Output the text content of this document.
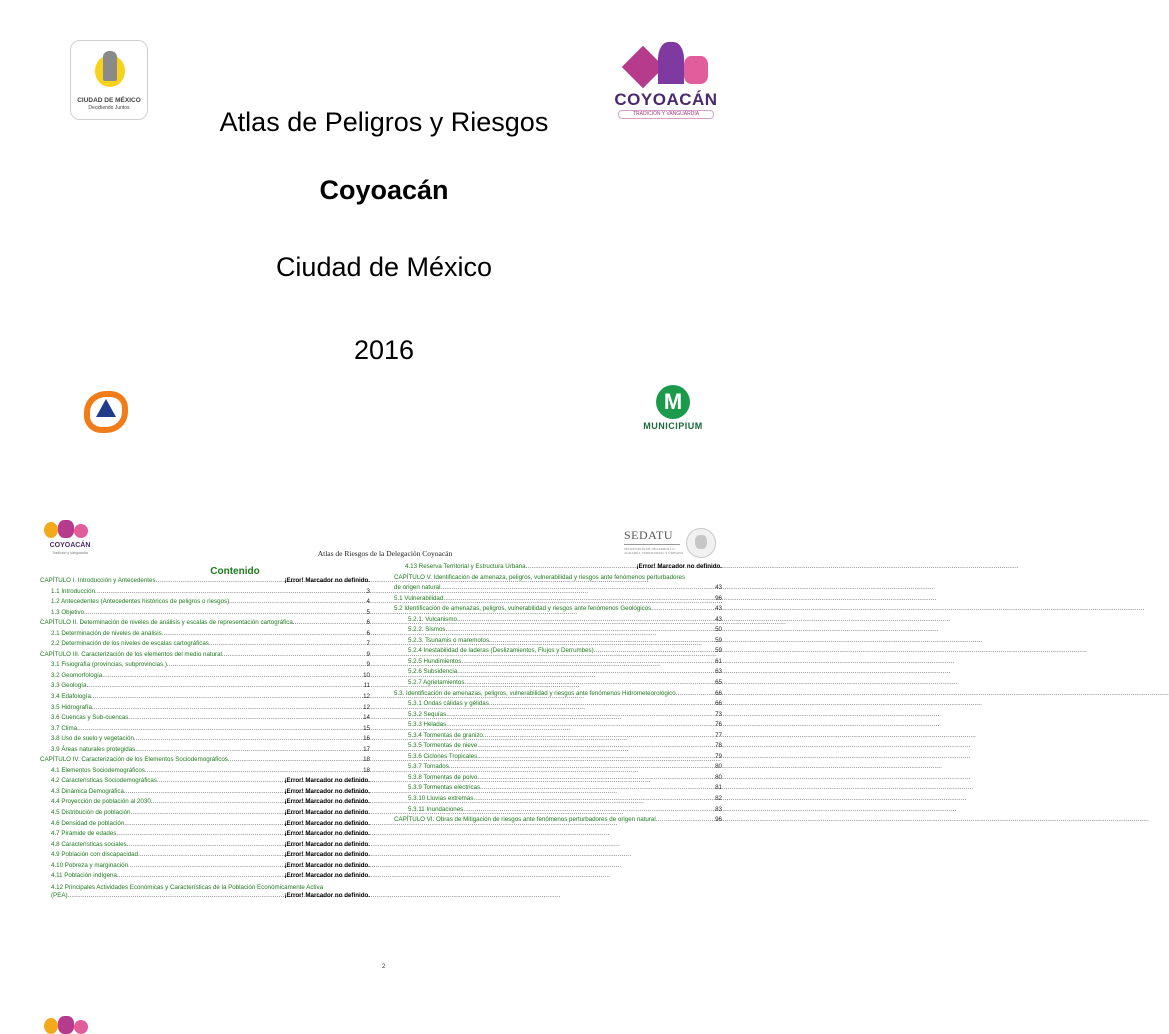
CIUDAD DE MÉXICO
Decidiendo Juntos	COYOACÁN
TRADICIÓN Y VANGUARDIA
Atlas de Peligros y Riesgos
Coyoacán
Ciudad de México
2016
M
MUNICIPIUM
COYOACÁN
Tradición y Vanguardia	Atlas de Riesgos de la Delegación Coyoacán
SEDATU
SECRETARÍA DE DESARROLLO AGRARIO, TERRITORIAL Y URBANO
Contenido
CAPÍTULO I. Introducción y Antecedentes .....	¡Error! Marcador no definido.
1.1 Introducción .....	3
1.2 Antecedentes (Antecedentes históricos de peligros o riesgos) .....	4
1.3 Objetivo .....	5
CAPÍTULO II. Determinación de niveles de análisis y escalas de representación cartográfica .....	6
2.1 Determinación de niveles de análisis. .....	6
2.2 Determinación de los niveles de escalas cartográficas .....	7
CAPÍTULO III. Caracterización de los elementos del medio natural. .....	9
3.1 Fisiografía (provincias, subprovincias.) .....	9
3.2 Geomorfología .....	10
3.3 Geología .....	11
3.4 Edafología .....	12
3.5 Hidrografía .....	12
3.6 Cuencas y Sub-cuencas .....	14
3.7 Clima .....	15
3.8 Uso de suelo y vegetación .....	16
3.9 Áreas naturales protegidas .....	17
CAPÍTULO IV. Caracterización de los Elementos Sociodemográficos .....	18
4.1 Elementos Sociodemográficos .....	18
4.2 Características Sociodemográficas .....	¡Error! Marcador no definido.
4.3 Dinámica Demográfica .....	¡Error! Marcador no definido.
4.4 Proyección de población al 2030 .....	¡Error! Marcador no definido.
4.5 Distribución de población .....	¡Error! Marcador no definido.
4.6 Densidad de población .....	¡Error! Marcador no definido.
4.7 Pirámide de edades .....	¡Error! Marcador no definido.
4.8 Características sociales .....	¡Error! Marcador no definido.
4.9 Población con discapacidad .....	¡Error! Marcador no definido.
4.10 Pobreza y marginación .....	¡Error! Marcador no definido.
4.11 Población indígena .....	¡Error! Marcador no definido.
4.12 Principales Actividades Económicas y Características de la Población Económicamente Activa
(PEA) .....	¡Error! Marcador no definido.
4.13 Reserva Territorial y Estructura Urbana .....	¡Error! Marcador no definido.
CAPÍTULO V. Identificación de amenaza, peligros, vulnerabilidad y riesgos ante fenómenos perturbadores
de origen natural .....	43
5.1 Vulnerabilidad .....	96
5.2 Identificación de amenazas, peligros, vulnerabilidad y riesgos ante fenómenos Geológicos .....	43
5.2.1. Vulcanismo .....	43
5.2.2. Sismos .....	50
5.2.3. Tsunamis o maremotos .....	59
5.2.4 Inestabilidad de laderas (Deslizamientos, Flujos y Derrumbes) .....	59
5.2.5 Hundimientos .....	61
5.2.6 Subsidencia .....	63
5.2.7 Agrietamientos .....	65
5.3. Identificación de amenazas, peligros, vulnerabilidad y riesgos ante fenómenos Hidrometeorológico .....	66
5.3.1 Ondas cálidas y gélidas .....	66
5.3.2 Sequías .....	73
5.3.3 Heladas .....	76
5.3.4 Tormentas de granizo .....	77
5.3.5 Tormentas de nieve .....	78
5.3.6 Ciclones Tropicales .....	79
5.3.7 Tornados .....	80
5.3.8 Tormentas de polvo .....	80
5.3.9 Tormentas eléctricas .....	81
5.3.10 Lluvias extremas .....	82
5.3.11 Inundaciones .....	83
CAPÍTULO VI. Obras de Mitigación de riesgos ante fenómenos perturbadores de origen natural .....	96
2
